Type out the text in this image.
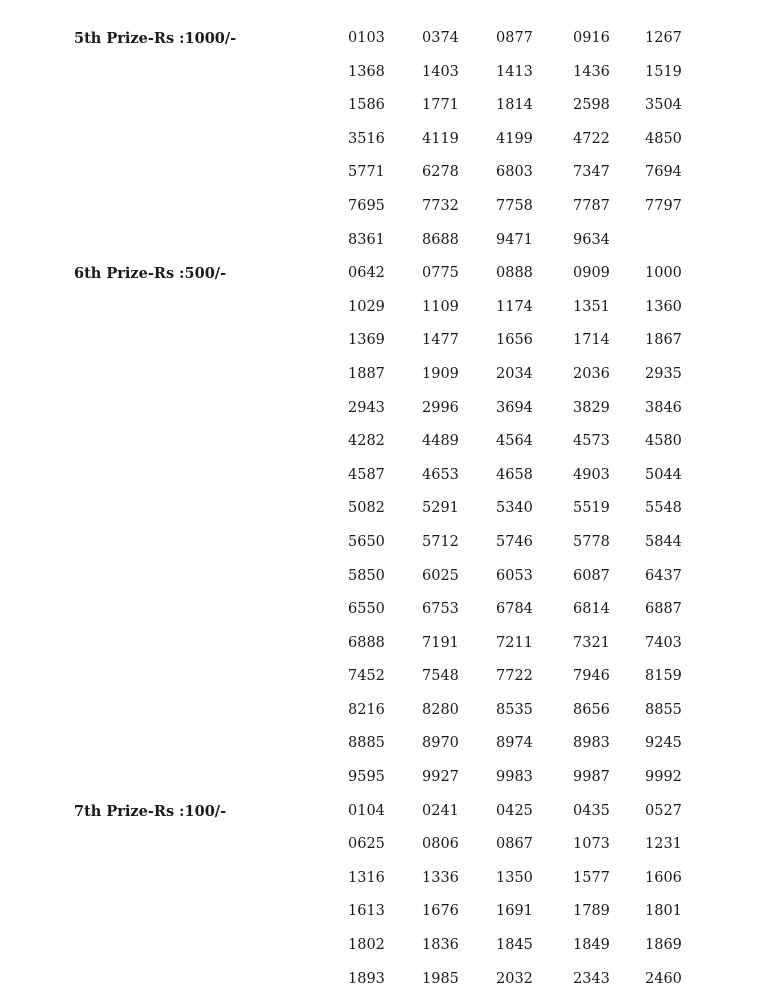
5th Prize-Rs :1000/-	0103	0374	0877	0916 1267
1368	1403	1413	1436 1519
1586	1771	1814	2598 3504
3516	4119	4199	4722 4850
5771	6278	6803	7347 7694
7695	7732	7758	7787 7797
8361	8688	9471	9634
6th Prize-Rs :500/-	0642	0775	0888	0909 1000
1029	1109	1174	1351 1360
1369	1477	1656	1714 1867
1887	1909	2034	2036 2935
2943	2996	3694	3829 3846
4282	4489	4564	4573 4580
4587	4653	4658	4903 5044
5082	5291	5340	5519 5548
5650	5712	5746	5778 5844
5850	6025	6053	6087 6437
6550	6753	6784	6814 6887
6888	7191	7211	7321 7403
7452	7548	7722	7946 8159
8216	8280	8535	8656 8855
8885	8970	8974	8983 9245
9595	9927	9983	9987 9992
7th Prize-Rs :100/-	0104	0241	0425	0435 0527
0625	0806	0867	1073 1231
1316	1336	1350	1577 1606
1613	1676	1691	1789 1801
1802	1836	1845	1849 1869
1893	1985	2032	2343 2460
